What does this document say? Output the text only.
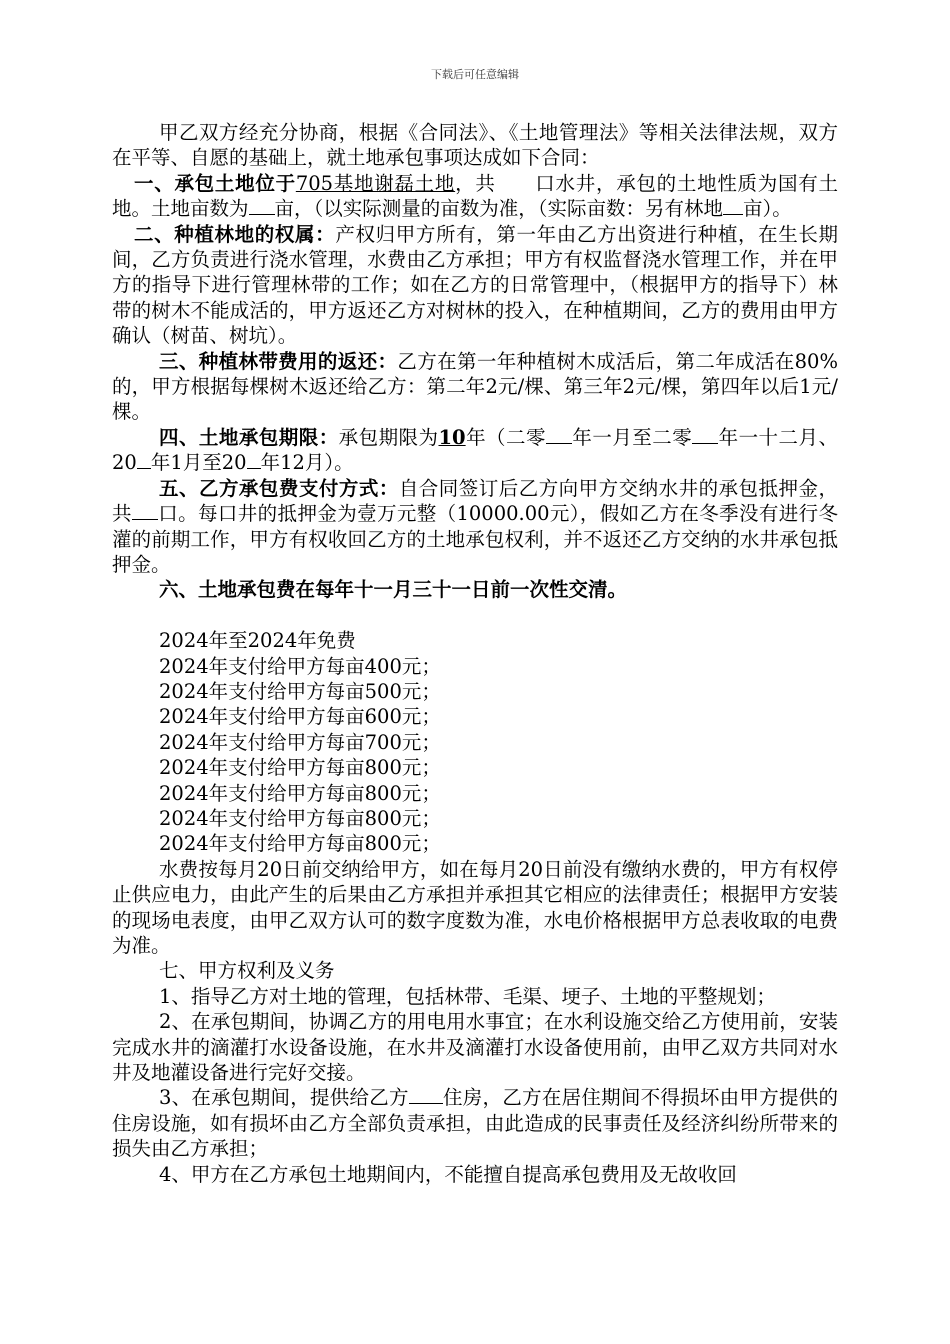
下载后可任意编辑

甲乙双方经充分协商，根据《合同法》、《土地管理法》等相关法律法规，双方在平等、自愿的基础上，就土地承包事项达成如下合同：

一、承包土地位于705基地谢磊土地，共   口水井，承包的土地性质为国有土地。土地亩数为 亩，（以实际测量的亩数为准，（实际亩数：另有林地 亩）。

二、种植林地的权属：产权归甲方所有，第一年由乙方出资进行种植，在生长期间，乙方负责进行浇水管理，水费由乙方承担；甲方有权监督浇水管理工作，并在甲方的指导下进行管理林带的工作；如在乙方的日常管理中，（根据甲方的指导下）林带的树木不能成活的，甲方返还乙方对树林的投入，在种植期间，乙方的费用由甲方确认（树苗、树坑）。

三、种植林带费用的返还：乙方在第一年种植树木成活后，第二年成活在80%的，甲方根据每棵树木返还给乙方：第二年2元/棵、第三年2元/棵，第四年以后1元/棵。

四、土地承包期限：承包期限为10年（二零 年一月至二零 年一十二月、20 年1月至20 年12月）。

五、乙方承包费支付方式：自合同签订后乙方向甲方交纳水井的承包抵押金，共 口。每口井的抵押金为壹万元整（10000.00元），假如乙方在冬季没有进行冬灌的前期工作，甲方有权收回乙方的土地承包权利，并不返还乙方交纳的水井承包抵押金。

六、土地承包费在每年十一月三十一日前一次性交清。

2024年至2024年免费

2024年支付给甲方每亩400元；

2024年支付给甲方每亩500元；

2024年支付给甲方每亩600元；

2024年支付给甲方每亩700元；

2024年支付给甲方每亩800元；

2024年支付给甲方每亩800元；

2024年支付给甲方每亩800元；

2024年支付给甲方每亩800元；

水费按每月20日前交纳给甲方，如在每月20日前没有缴纳水费的，甲方有权停止供应电力，由此产生的后果由乙方承担并承担其它相应的法律责任；根据甲方安装的现场电表度，由甲乙双方认可的数字度数为准，水电价格根据甲方总表收取的电费为准。

七、甲方权利及义务

1、指导乙方对土地的管理，包括林带、毛渠、埂子、土地的平整规划；

2、在承包期间，协调乙方的用电用水事宜；在水利设施交给乙方使用前，安装完成水井的滴灌打水设备设施，在水井及滴灌打水设备使用前，由甲乙双方共同对水井及地灌设备进行完好交接。

3、在承包期间，提供给乙方 住房，乙方在居住期间不得损坏由甲方提供的住房设施，如有损坏由乙方全部负责承担，由此造成的民事责任及经济纠纷所带来的损失由乙方承担；

4、甲方在乙方承包土地期间内，不能擅自提高承包费用及无故收回
